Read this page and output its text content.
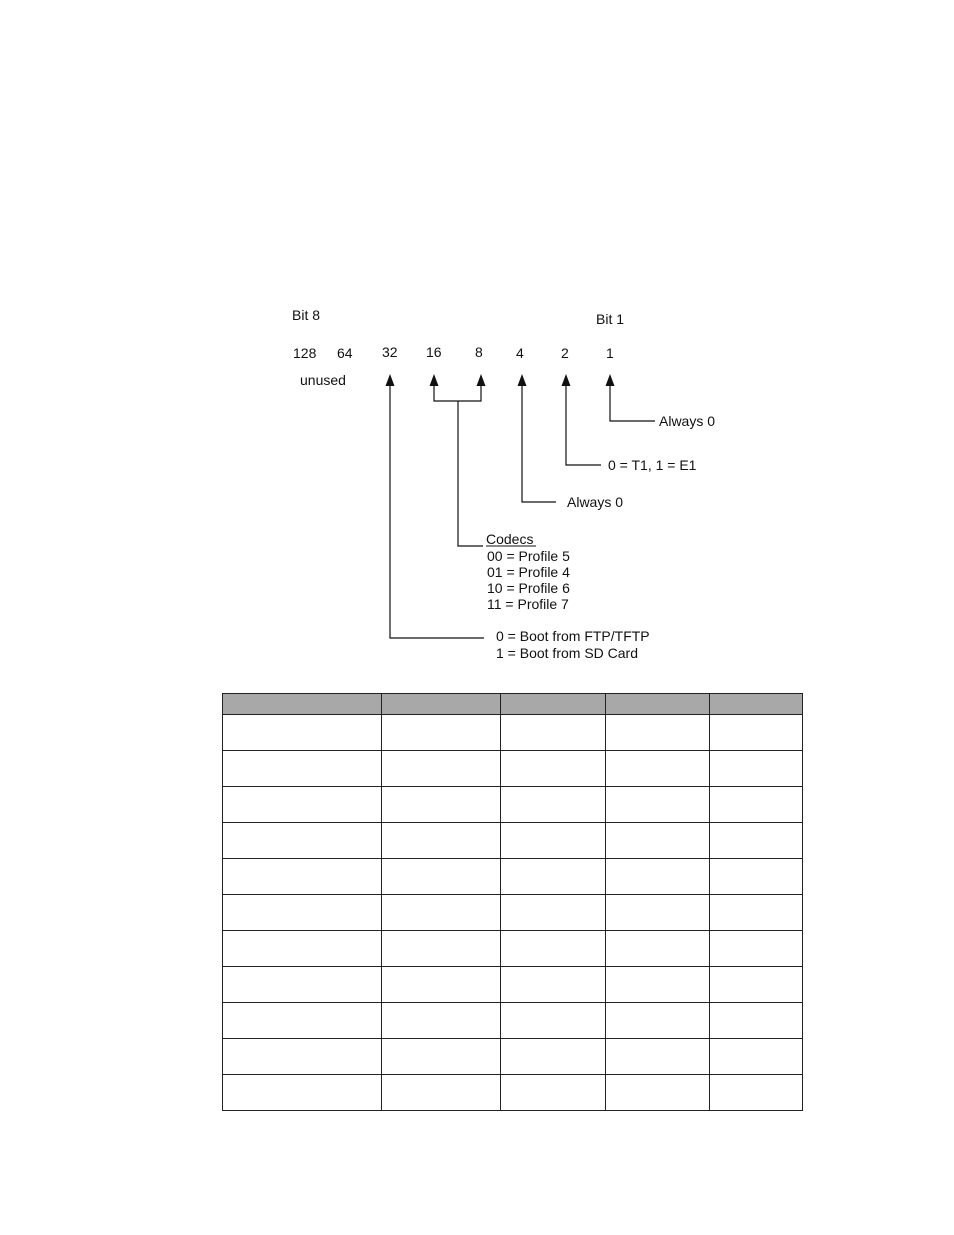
Bit 8	Bit 1
128 64 32 16 8 4	2	1
unused
Always 0
0 = T1, 1 = E1
Always 0
Codecs
00 = Profile 5
01 = Profile 4
10 = Profile 6
11 = Profile 7
0 = Boot from FTP/TFTP
1 = Boot from SD Card
